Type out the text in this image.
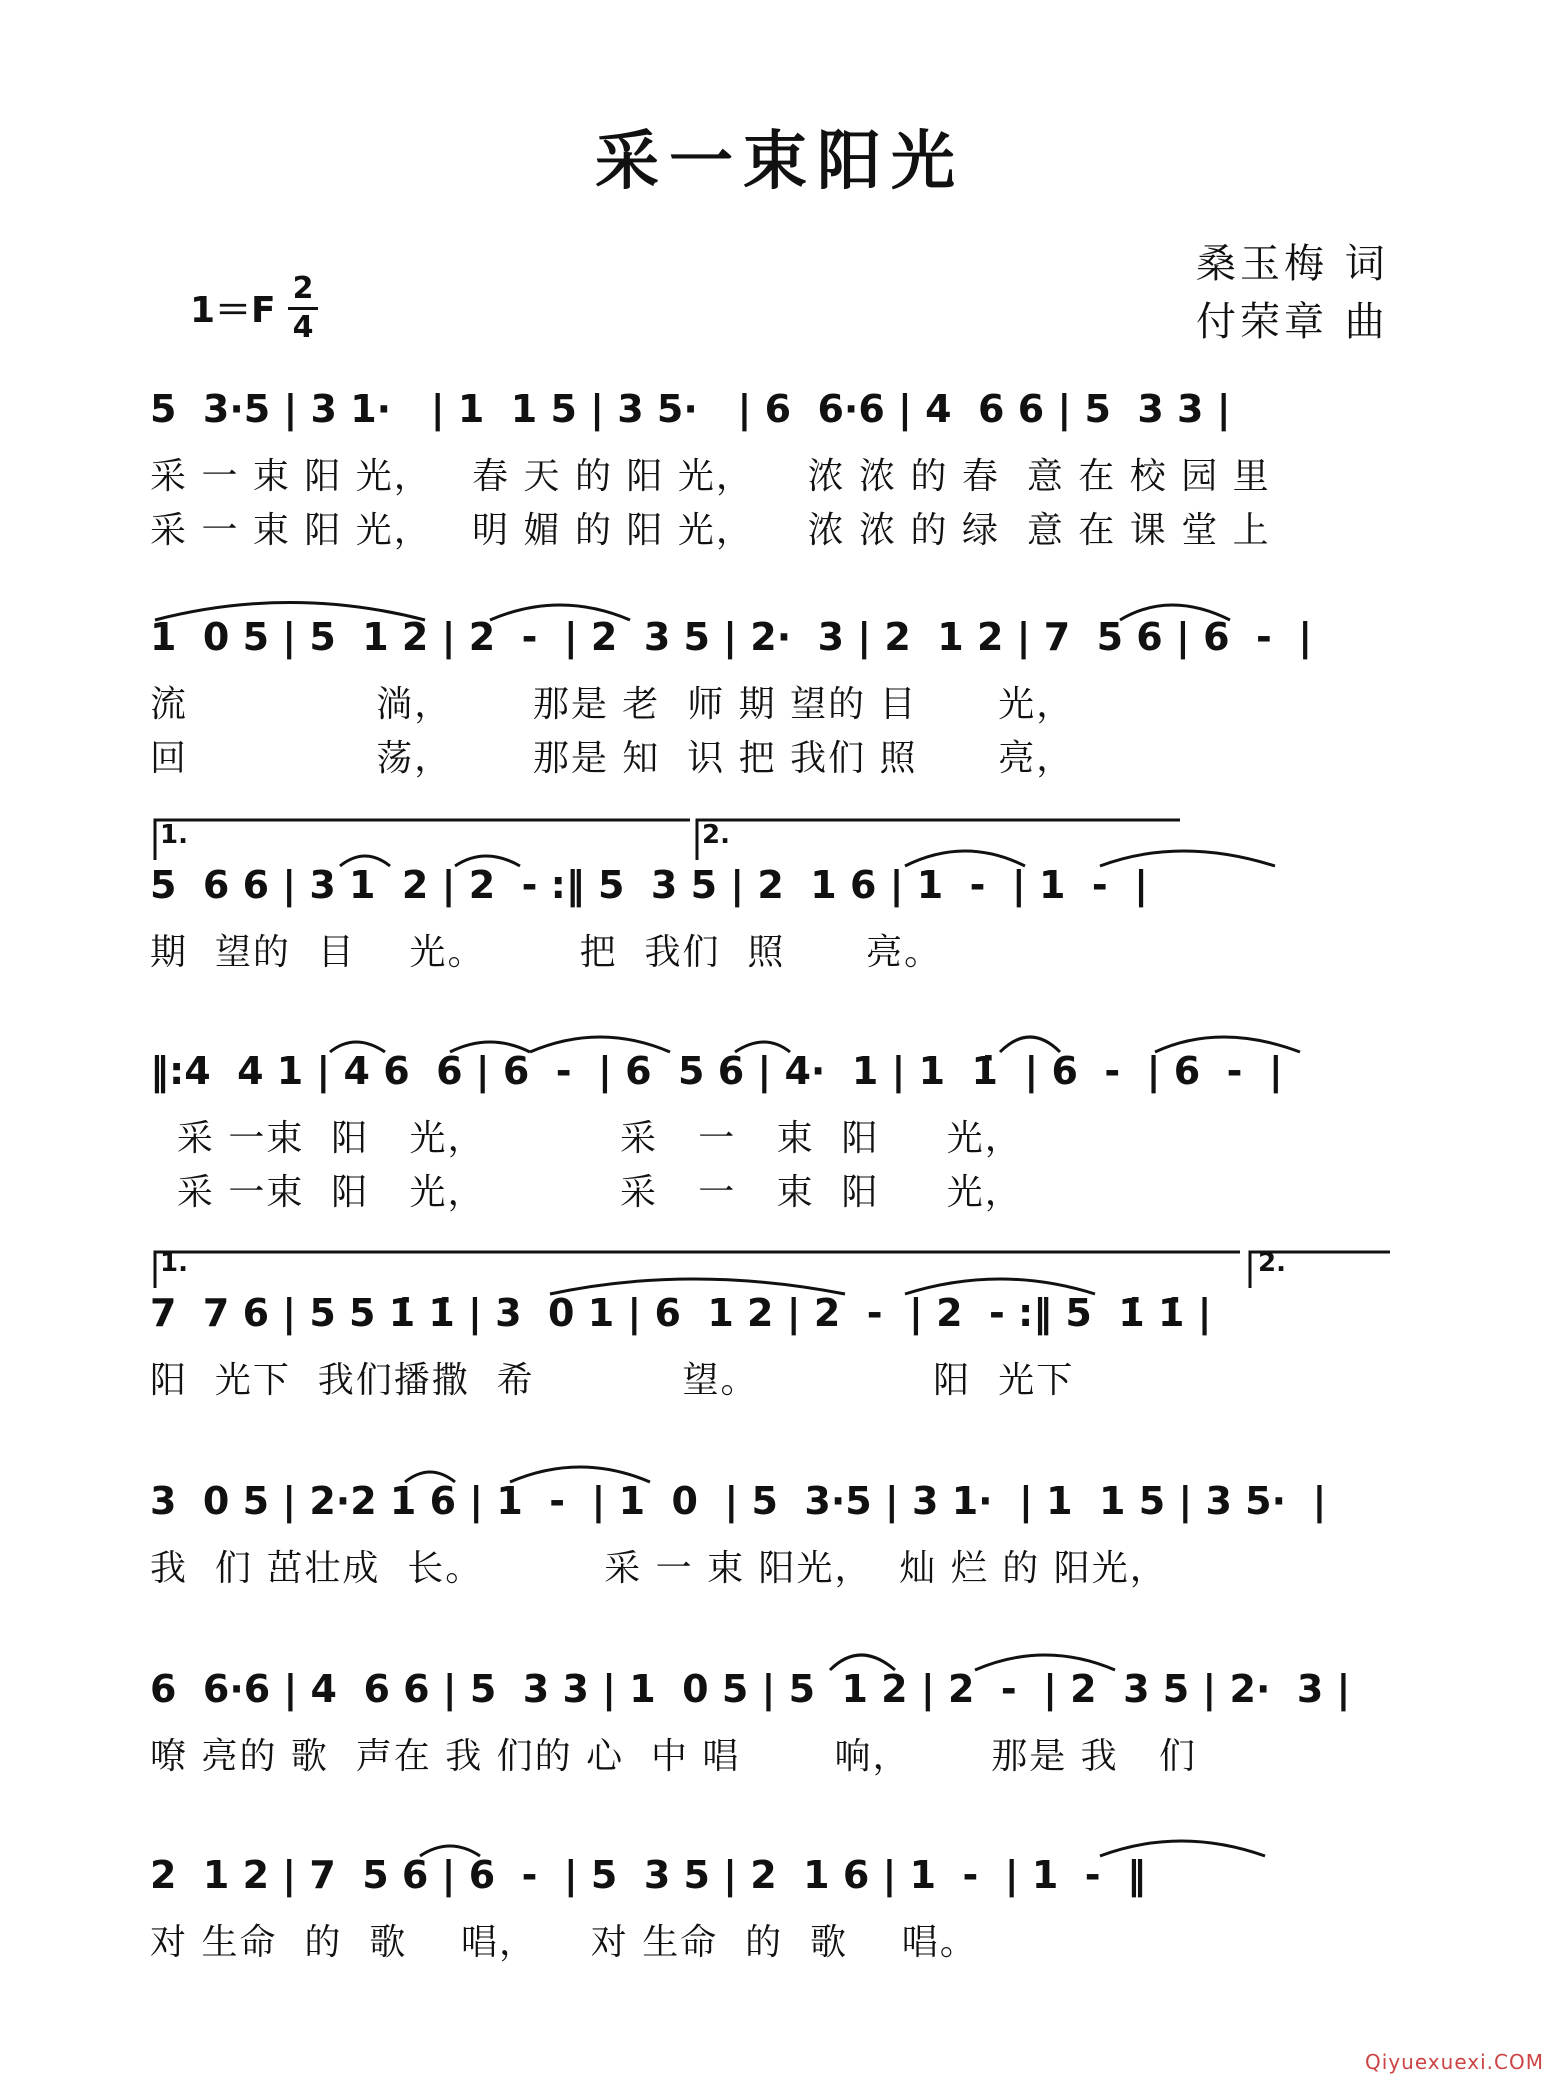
采一束阳光
桑玉梅 词
付荣章 曲
1＝F
2
4
5  3·5 | 3 1·   | 1  1 5 | 3 5·   | 6  6·6 | 4  6 6 | 5  3 3 |
采 一 束 阳 光，   春 天 的 阳 光，    浓 浓 的 春  意 在 校 园 里
采 一 束 阳 光，   明 媚 的 阳 光，    浓 浓 的 绿  意 在 课 堂 上
1  0 5 | 5  1 2 | 2  -  | 2  3 5 | 2·  3 | 2  1 2 | 7  5 6 | 6  -  |
流              淌，      那是 老  师 期 望的 目      光，
回              荡，      那是 知  识 把 我们 照      亮，
1.	2.
5  6 6 | 3 1  2 | 2  - :‖ 5  3 5 | 2  1 6 | 1  -  | 1  -  |
期  望的  目    光。       把  我们  照      亮。
‖:4  4 1 | 4 6  6 | 6  -  | 6  5 6 | 4·  1 | 1  1̇  | 6  -  | 6  -  |
采 一束  阳   光，          采   一   束  阳     光，
采 一束  阳   光，          采   一   束  阳     光，
1.	2.
7  7 6 | 5 5 1̇ 1̇ | 3  0 1 | 6  1 2 | 2  -  | 2  - :‖ 5  1̇ 1̇ |
阳  光下  我们播撒  希           望。             阳  光下
3  0 5 | 2·2 1 6 | 1  -  | 1  0  | 5  3·5 | 3 1·  | 1  1 5 | 3 5·  |
我  们 茁壮成  长。         采 一 束 阳光，  灿 烂 的 阳光，
6  6·6 | 4  6 6 | 5  3 3 | 1  0 5 | 5  1 2 | 2  -  | 2  3 5 | 2·  3 |
嘹 亮的 歌  声在 我 们的 心  中 唱       响，      那是 我   们
2  1 2 | 7  5 6 | 6  -  | 5  3 5 | 2  1 6 | 1  -  | 1  -  ‖
对 生命  的  歌    唱，    对 生命  的  歌    唱。
Qiyuexuexi.COM
